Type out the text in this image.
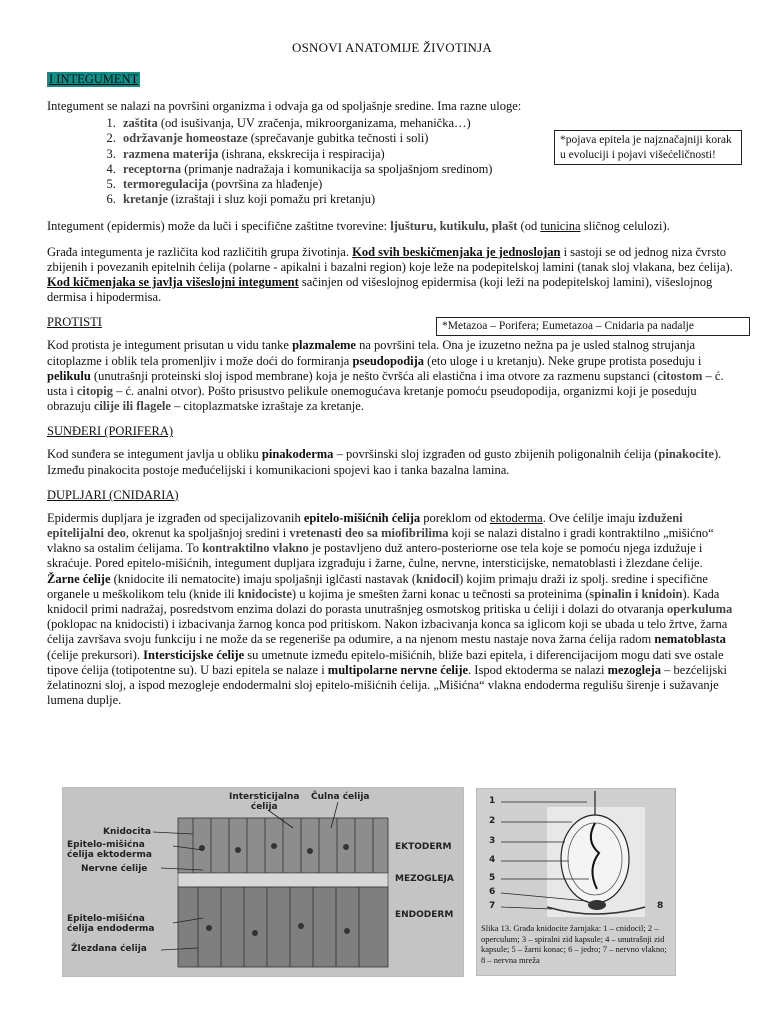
OSNOVI ANATOMIJE ŽIVOTINJA
I INTEGUMENT

Integument se nalazi na površini organizma i odvaja ga od spoljašnje sredine. Ima razne uloge:

1. zaštita (od isušivanja, UV zračenja, mikroorganizama, mehanička…)
2. održavanje homeostaze (sprečavanje gubitka tečnosti i soli)
3. razmena materija (ishrana, ekskrecija i respiracija)
4. receptorna (primanje nadražaja i komunikacija sa spoljašnjom sredinom)
5. termoregulacija (površina za hlađenje)
6. kretanje (izraštaji i sluz koji pomažu pri kretanju)

Integument (epidermis) može da luči i specifične zaštitne tvorevine: ljušturu, kutikulu, plašt (od tunicina sličnog celulozi).

Građa integumenta je različita kod različitih grupa životinja. Kod svih beskičmenjaka je jednoslojan i sastoji se od jednog niza čvrsto zbijenih i povezanih epitelnih ćelija (polarne - apikalni i bazalni region) koje leže na podepitelskoj lamini (tanak sloj vlakana, bez ćelija). Kod kičmenjaka se javlja višeslojni integument sačinjen od višeslojnog epidermisa (koji leži na podepitelskoj lamini), višeslojnog dermisa i hipodermisa.

PROTISTI

Kod protista je integument prisutan u vidu tanke plazmaleme na površini tela. Ona je izuzetno nežna pa je usled stalnog strujanja citoplazme i oblik tela promenljiv i može doći do formiranja pseudopodija (eto uloge i u kretanju). Neke grupe protista poseduju i pelikulu (unutrašnji proteinski sloj ispod membrane) koja je nešto čvršća ali elastična i ima otvore za razmenu supstanci (citostom – ć. usta i citopig – ć. analni otvor). Pošto prisustvo pelikule onemogućava kretanje pomoću pseudopodija, organizmi koji je poseduju obrazuju cilije ili flagele – citoplazmatske izraštaje za kretanje.

SUNĐERI (PORIFERA)

Kod sunđera se integument javlja u obliku pinakoderma – površinski sloj izgrađen od gusto zbijenih poligonalnih ćelija (pinakocite). Između pinakocita postoje međućelijski i komunikacioni spojevi kao i tanka bazalna lamina.

DUPLJARI (CNIDARIA)

Epidermis dupljara je izgrađen od specijalizovanih epitelo-mišićnih ćelija poreklom od ektoderma. Ove ćelilje imaju izduženi epitelijalni deo, okrenut ka spoljašnjoj sredini i vretenasti deo sa miofibrilima koji se nalazi distalno i gradi kontraktilno „mišićno“ vlakno sa ostalim ćelijama. To kontraktilno vlakno je postavljeno duž antero-posteriorne ose tela koje se pomoću njega izdužuje i skraćuje. Pored epitelo-mišićnih, integument dupljara izgrađuju i žarne, čulne, nervne, intersticijske, nematoblasti i žlezdane ćelije. Žarne ćelije (knidocite ili nematocite) imaju spoljašnji iglčasti nastavak (knidocil) kojim primaju draži iz spolj. sredine i specifične organele u meškolikom telu (knide ili knidociste) u kojima je smešten žarni konac u tečnosti sa proteinima (spinalin i knidoin). Kada knidocil primi nadražaj, posredstvom enzima dolazi do porasta unutrašnjeg osmotskog pritiska u ćeliji i dolazi do otvaranja operkuluma (poklopac na knidocisti) i izbacivanja žarnog konca pod pritiskom. Nakon izbacivanja konca sa iglicom koji se ubada u telo žrtve, žarna ćelija završava svoju funkciju i ne može da se regeneriše pa odumire, a na njenom mestu nastaje nova žarna ćelija radom nematoblasta (ćelije prekursori). Intersticijske ćelije su umetnute između epitelo-mišićnih, bliže bazi epitela, i diferencijacijom mogu dati sve ostale tipove ćelija (totipotentne su). U bazi epitela se nalaze i multipolarne nervne ćelije. Ispod ektoderma se nalazi mezogleja – bezćelijski želatinozni sloj, a ispod mezogleje endodermalni sloj epitelo-mišićnih ćelija. „Mišićna“ vlakna endoderma regulišu širenje i sužavanje lumena duplje.

*pojava epitela je najznačajniji korak u evoluciji i pojavi višećeličnosti!
*Metazoa – Porifera; Eumetazoa – Cnidaria pa nadalje
Intersticijalna
ćelija
Čulna ćelija
Knidocita
Epitelo-mišićna
ćelija ektoderma
Nervne ćelije
EKTODERM
MEZOGLEJA
ENDODERM
Epitelo-mišićna
ćelija endoderma
Žlezdana ćelija
1
2
3
4
5
6
7	8
Slika 13. Građa knidocite žarnjaka: 1 – cnidocil; 2 – operculum; 3 – spiralni zid kapsule; 4 – unutrašnji zid kapsule; 5 – žarni konac; 6 – jedro; 7 – nervno vlakno; 8 – nervna mreža
